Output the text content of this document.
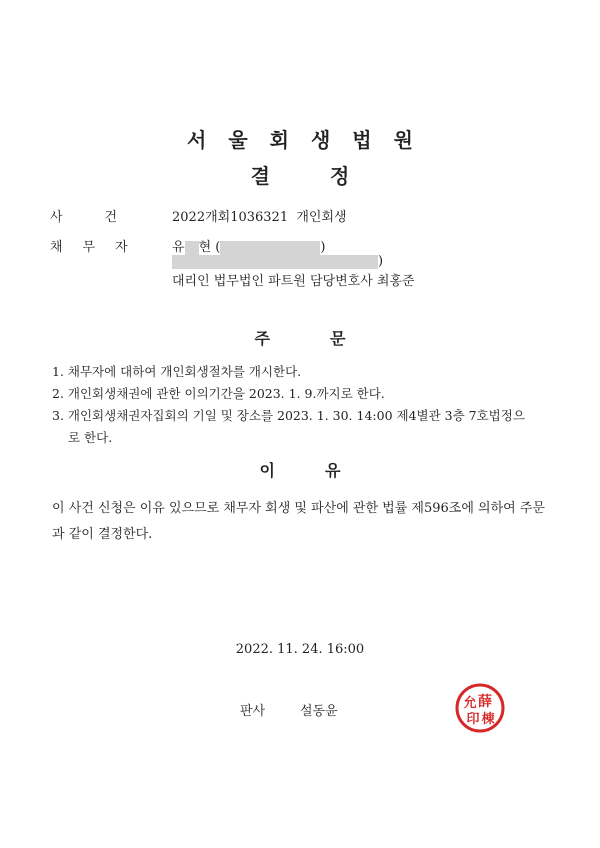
서울회생법원
결정
사건 2022개회1036321 개인회생
채무자 유 현 (	)
)
대리인 법무법인 파트원 담당변호사 최홍준
주문
1. 채무자에 대하여 개인회생절차를 개시한다.
2. 개인회생채권에 관한 이의기간을 2023. 1. 9.까지로 한다.
3. 개인회생채권자집회의 기일 및 장소를 2023. 1. 30. 14:00 제4별관 3층 7호법정으
로 한다.
이유
이 사건 신청은 이유 있으므로 채무자 회생 및 파산에 관한 법률 제596조에 의하여 주문과 같이 결정한다.
2022. 11. 24. 16:00
판사	설동윤
薛
允
印 棟
